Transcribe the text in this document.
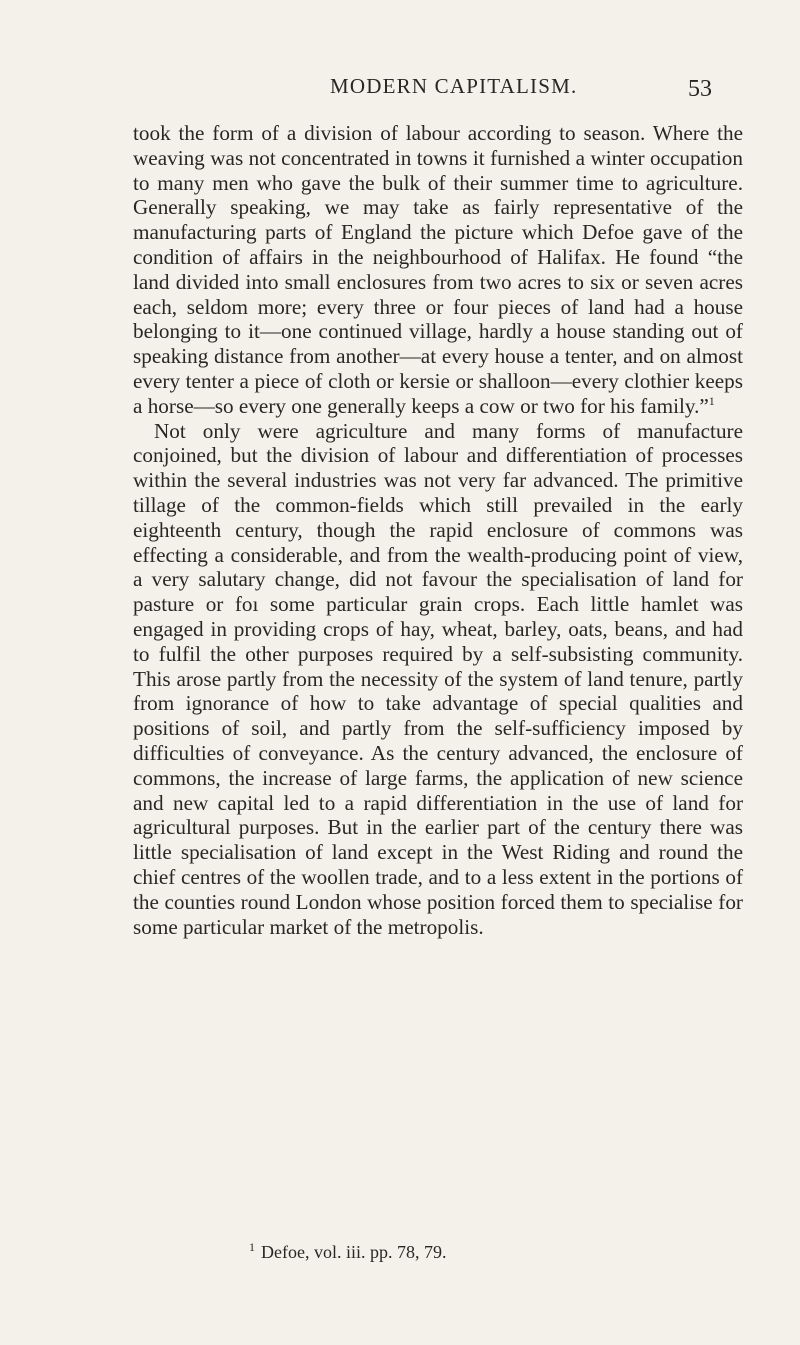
MODERN CAPITALISM.	53

took the form of a division of labour according to season. Where the weaving was not concentrated in towns it furnished a winter occupation to many men who gave the bulk of their summer time to agriculture. Generally speaking, we may take as fairly representative of the manufacturing parts of England the picture which Defoe gave of the condition of affairs in the neighbourhood of Halifax. He found “the land divided into small enclosures from two acres to six or seven acres each, seldom more; every three or four pieces of land had a house belonging to it—one continued village, hardly a house standing out of speaking distance from another—at every house a tenter, and on almost every tenter a piece of cloth or kersie or shalloon—every clothier keeps a horse—so every one generally keeps a cow or two for his family.”$^1$

Not only were agriculture and many forms of manufacture conjoined, but the division of labour and differentiation of processes within the several industries was not very far advanced. The primitive tillage of the common-fields which still prevailed in the early eighteenth century, though the rapid enclosure of commons was effecting a considerable, and from the wealth-producing point of view, a very salutary change, did not favour the specialisation of land for pasture or foı some particular grain crops. Each little hamlet was engaged in providing crops of hay, wheat, barley, oats, beans, and had to fulfil the other purposes required by a self-subsisting community. This arose partly from the necessity of the system of land tenure, partly from ignorance of how to take advantage of special qualities and positions of soil, and partly from the self-sufficiency imposed by difficulties of conveyance. As the century advanced, the enclosure of commons, the increase of large farms, the application of new science and new capital led to a rapid differentiation in the use of land for agricultural purposes. But in the earlier part of the century there was little specialisation of land except in the West Riding and round the chief centres of the woollen trade, and to a less extent in the portions of the counties round London whose position forced them to specialise for some particular market of the metropolis.

$^1$ Defoe, vol. iii. pp. 78, 79.
